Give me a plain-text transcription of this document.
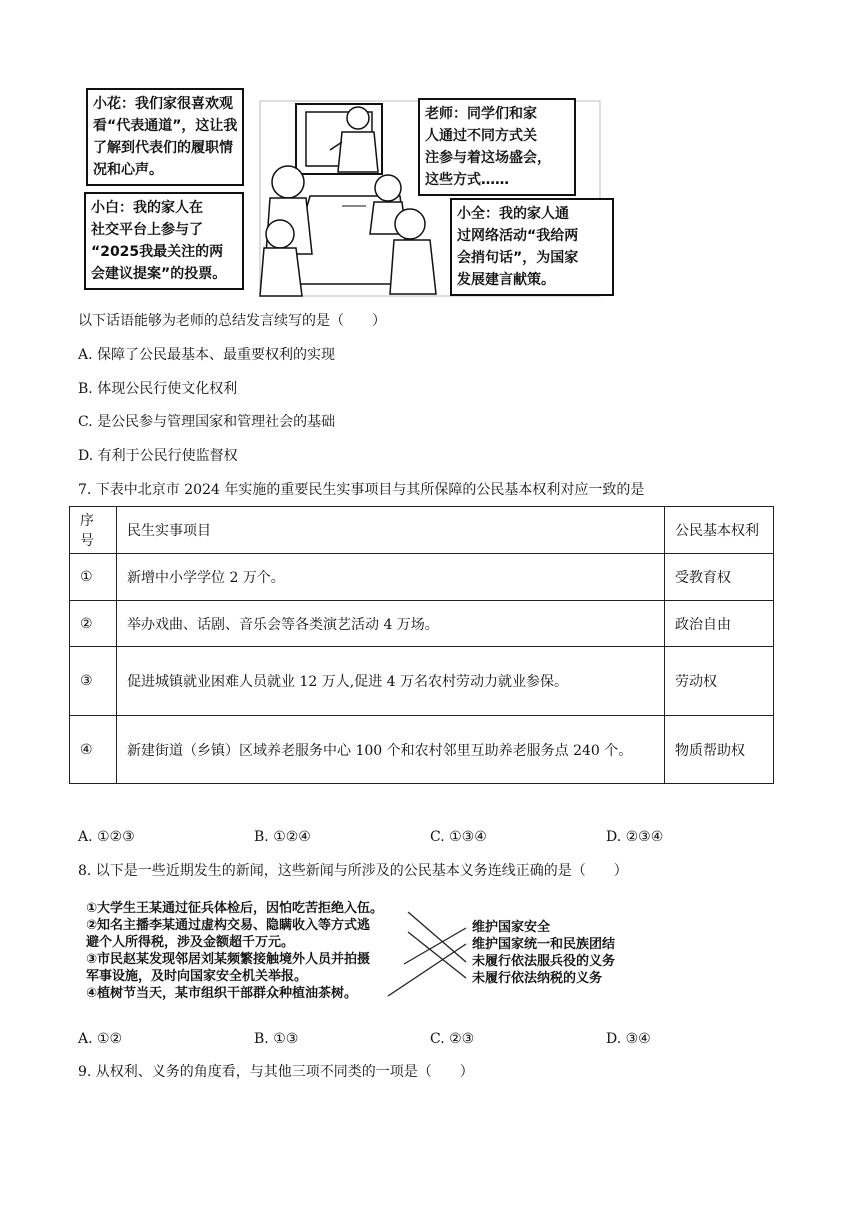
小花：我们家很喜欢观
看“代表通道”，这让我
了解到代表们的履职情
况和心声。
老师：同学们和家
人通过不同方式关
注参与着这场盛会，
这些方式……
小白：我的家人在
社交平台上参与了
“2025我最关注的两
会建议提案”的投票。
小全：我的家人通
过网络活动“我给两
会捎句话”，为国家
发展建言献策。
以下话语能够为老师的总结发言续写的是（　　）
A. 保障了公民最基本、最重要权利的实现
B. 体现公民行使文化权利
C. 是公民参与管理国家和管理社会的基础
D. 有利于公民行使监督权
7. 下表中北京市 2024 年实施的重要民生实事项目与其所保障的公民基本权利对应一致的是
序号	民生实事项目	公民基本权利
①	新增中小学学位 2 万个。	受教育权
②	举办戏曲、话剧、音乐会等各类演艺活动 4 万场。	政治自由
③	促进城镇就业困难人员就业 12 万人,促进 4 万名农村劳动力就业参保。	劳动权
④	新建街道（乡镇）区域养老服务中心 100 个和农村邻里互助养老服务点 240 个。	物质帮助权
A. ①②③	B. ①②④	C. ①③④	D. ②③④
8. 以下是一些近期发生的新闻，这些新闻与所涉及的公民基本义务连线正确的是（　　）
①大学生王某通过征兵体检后，因怕吃苦拒绝入伍。
②知名主播李某通过虚构交易、隐瞒收入等方式逃
避个人所得税，涉及金额超千万元。
③市民赵某发现邻居刘某频繁接触境外人员并拍摄
军事设施，及时向国家安全机关举报。
④植树节当天，某市组织干部群众种植油茶树。
维护国家安全
维护国家统一和民族团结
未履行依法服兵役的义务
未履行依法纳税的义务
A. ①②	B. ①③	C. ②③	D. ③④
9. 从权利、义务的角度看，与其他三项不同类的一项是（　　）
